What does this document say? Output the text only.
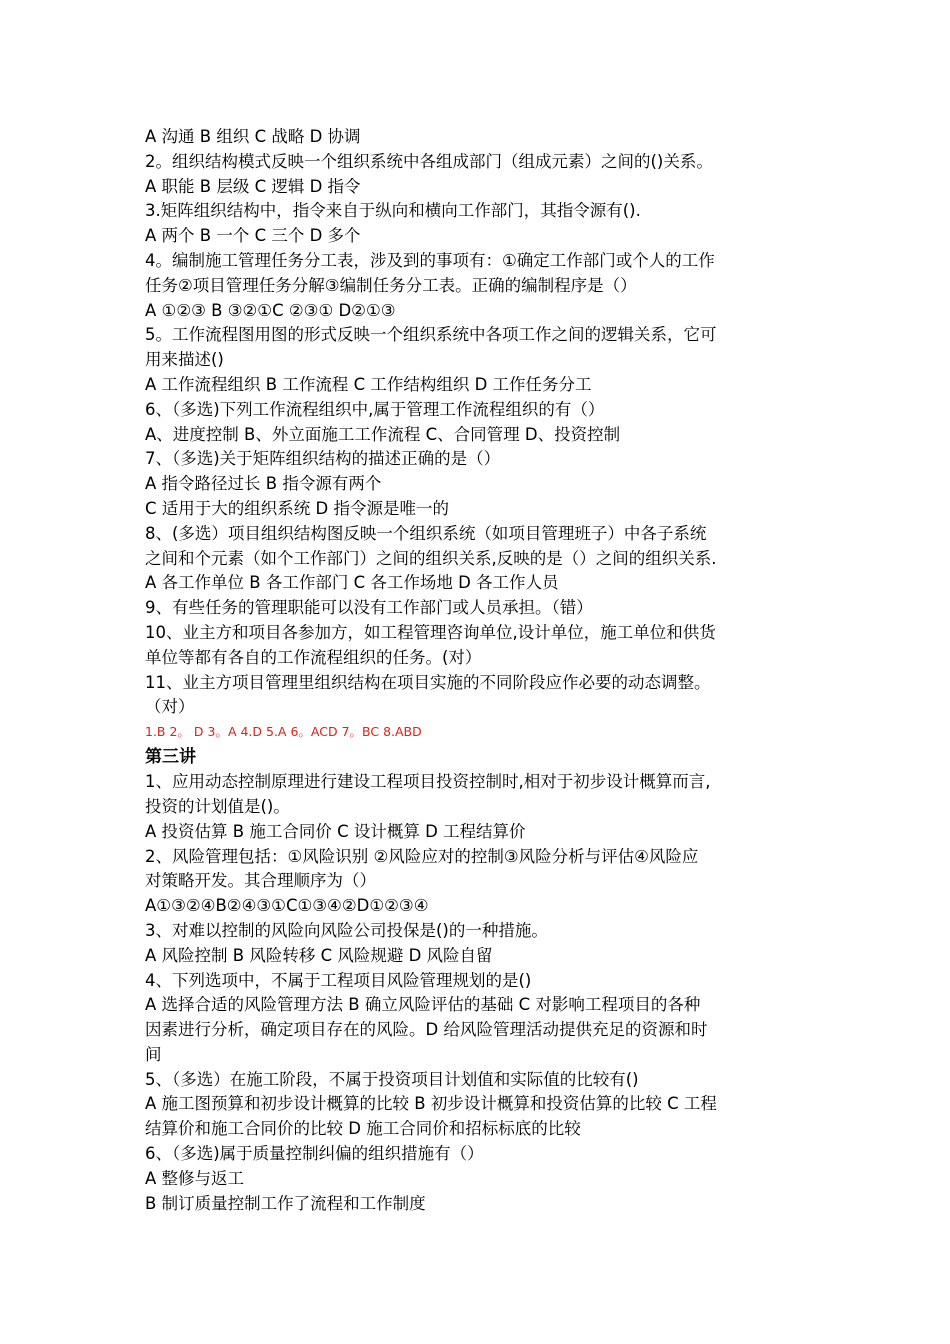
A 沟通 B 组织 C 战略 D 协调
2。组织结构模式反映一个组织系统中各组成部门（组成元素）之间的()关系。
A 职能 B 层级 C 逻辑 D 指令
3.矩阵组织结构中，指令来自于纵向和横向工作部门，其指令源有().
A 两个 B 一个 C 三个 D 多个
4。编制施工管理任务分工表，涉及到的事项有：①确定工作部门或个人的工作
任务②项目管理任务分解③编制任务分工表。正确的编制程序是（）
A ①②③ B ③②①C ②③① D②①③
5。工作流程图用图的形式反映一个组织系统中各项工作之间的逻辑关系，它可
用来描述()
A 工作流程组织 B 工作流程 C 工作结构组织 D 工作任务分工
6、（多选)下列工作流程组织中,属于管理工作流程组织的有（）
A、进度控制 B、外立面施工工作流程 C、合同管理 D、投资控制
7、（多选)关于矩阵组织结构的描述正确的是（）
A 指令路径过长 B 指令源有两个
C 适用于大的组织系统 D 指令源是唯一的
8、(多选）项目组织结构图反映一个组织系统（如项目管理班子）中各子系统
之间和个元素（如个工作部门）之间的组织关系,反映的是（）之间的组织关系.
A 各工作单位 B 各工作部门 C 各工作场地 D 各工作人员
9、有些任务的管理职能可以没有工作部门或人员承担。（错）
10、业主方和项目各参加方，如工程管理咨询单位,设计单位，施工单位和供货
单位等都有各自的工作流程组织的任务。(对）
11、业主方项目管理里组织结构在项目实施的不同阶段应作必要的动态调整。
（对）
1.B 2。 D 3。A 4.D 5.A 6。ACD 7。BC 8.ABD
第三讲
1、应用动态控制原理进行建设工程项目投资控制时,相对于初步设计概算而言,
投资的计划值是()。
A 投资估算 B 施工合同价 C 设计概算 D 工程结算价
2、风险管理包括：①风险识别 ②风险应对的控制③风险分析与评估④风险应
对策略开发。其合理顺序为（）
A①③②④B②④③①C①③④②D①②③④
3、对难以控制的风险向风险公司投保是()的一种措施。
A 风险控制 B 风险转移 C 风险规避 D 风险自留
4、下列选项中，不属于工程项目风险管理规划的是()
A 选择合适的风险管理方法 B 确立风险评估的基础 C 对影响工程项目的各种
因素进行分析，确定项目存在的风险。D 给风险管理活动提供充足的资源和时
间
5、（多选）在施工阶段，不属于投资项目计划值和实际值的比较有()
A 施工图预算和初步设计概算的比较 B 初步设计概算和投资估算的比较 C 工程
结算价和施工合同价的比较 D 施工合同价和招标标底的比较
6、（多选)属于质量控制纠偏的组织措施有（）
A 整修与返工
B 制订质量控制工作了流程和工作制度
